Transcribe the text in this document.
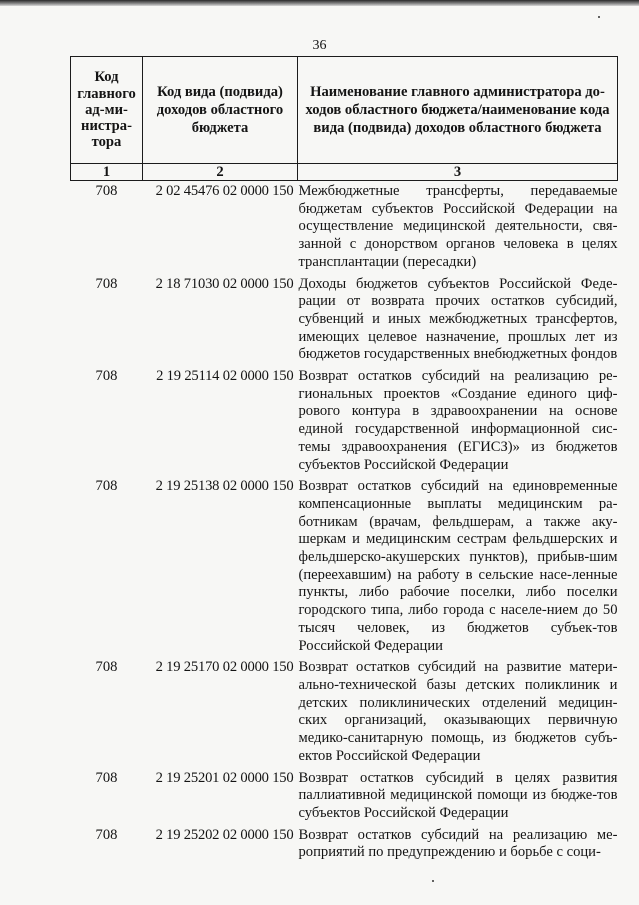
36
Код главного ад-ми-нистра-тора	Код вида (подвида) доходов областного бюджета	Наименование главного администратора до-ходов областного бюджета/наименование кода вида (подвида) доходов областного бюджета
1	2	3
708	2 02 45476 02 0000 150	Межбюджетные трансферты, передаваемые бюджетам субъектов Российской Федерации на осуществление медицинской деятельности, свя-занной с донорством органов человека в целях трансплантации (пересадки)
708	2 18 71030 02 0000 150	Доходы бюджетов субъектов Российской Феде-рации от возврата прочих остатков субсидий, субвенций и иных межбюджетных трансфертов, имеющих целевое назначение, прошлых лет из бюджетов государственных внебюджетных фондов
708	2 19 25114 02 0000 150	Возврат остатков субсидий на реализацию ре-гиональных проектов «Создание единого циф-рового контура в здравоохранении на основе единой государственной информационной сис-темы здравоохранения (ЕГИСЗ)» из бюджетов субъектов Российской Федерации
708	2 19 25138 02 0000 150	Возврат остатков субсидий на единовременные компенсационные выплаты медицинским ра-ботникам (врачам, фельдшерам, а также аку-шеркам и медицинским сестрам фельдшерских и фельдшерско-акушерских пунктов), прибыв-шим (переехавшим) на работу в сельские насе-ленные пункты, либо рабочие поселки, либо поселки городского типа, либо города с населе-нием до 50 тысяч человек, из бюджетов субъек-тов Российской Федерации
708	2 19 25170 02 0000 150	Возврат остатков субсидий на развитие матери-ально-технической базы детских поликлиник и детских поликлинических отделений медицин-ских организаций, оказывающих первичную медико-санитарную помощь, из бюджетов субъ-ектов Российской Федерации
708	2 19 25201 02 0000 150	Возврат остатков субсидий в целях развития паллиативной медицинской помощи из бюдже-тов субъектов Российской Федерации
708	2 19 25202 02 0000 150	Возврат остатков субсидий на реализацию ме-роприятий по предупреждению и борьбе с соци-
